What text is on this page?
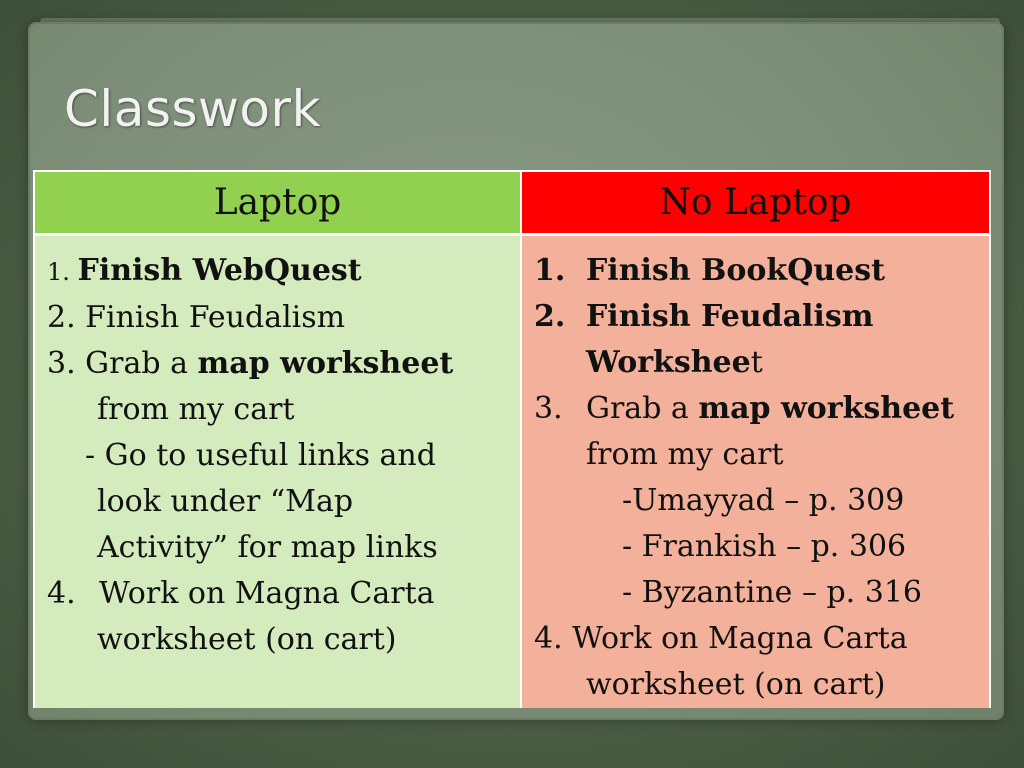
Classwork
Laptop	No Laptop
1. Finish WebQuest
2. Finish Feudalism
3. Grab a map worksheet
from my cart
- Go to useful links and
look under “Map
Activity” for map links
4. Work on Magna Carta
worksheet (on cart)
1. Finish BookQuest
2. Finish Feudalism
Worksheet
3. Grab a map worksheet
from my cart
-Umayyad – p. 309
- Frankish – p. 306
- Byzantine – p. 316
4. Work on Magna Carta
worksheet (on cart)
